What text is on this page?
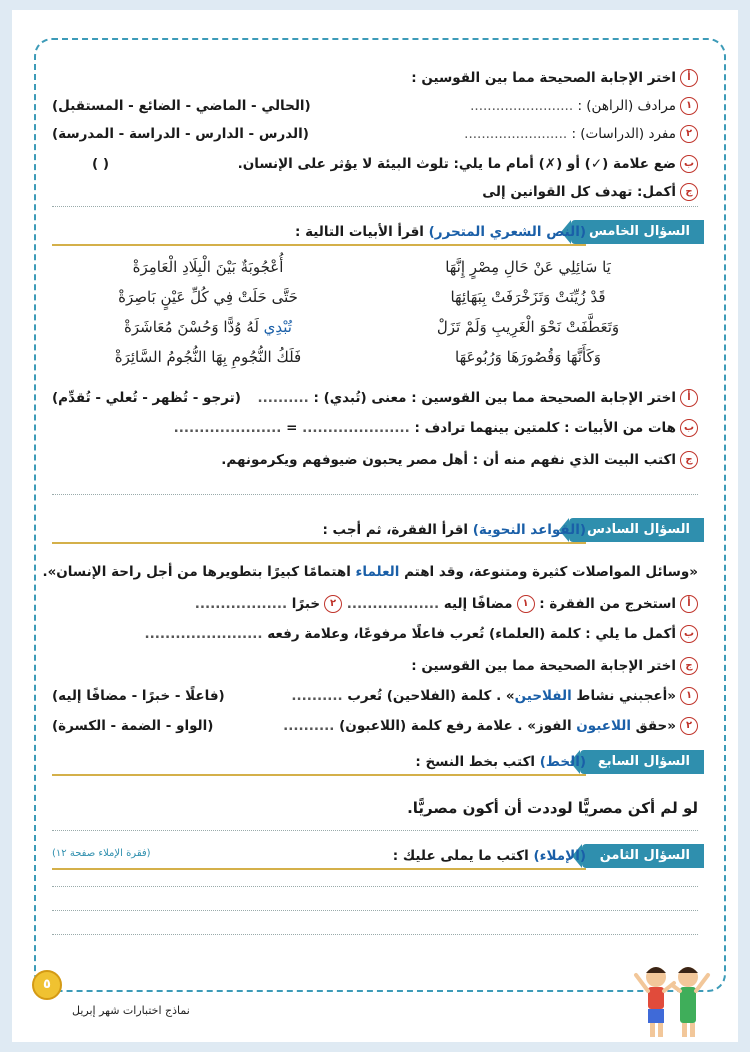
أاختر الإجابة الصحيحة مما بين القوسين :
١مرادف (الراهن) : ........................
(الحالي - الماضي - الضائع - المستقبل)
٢مفرد (الدراسات) : ........................
(الدرس - الدارس - الدراسة - المدرسة)
بضع علامة (✓) أو (✗) أمام ما يلي: تلوث البيئة لا يؤثر على الإنسان.
( )
جأكمل: تهدف كل القوانين إلى
السؤال الخامس
(النص الشعري المتحرر) اقرأ الأبيات التالية :
يَا سَائِلِي عَنْ حَالِ مِصْرٍ إِنَّهَا
أُعْجُوبَةٌ بَيْنَ الْبِلَادِ الْعَامِرَةْ
قَدْ زُيِّنَتْ وَتَزَخْرَفَتْ بِبَهَائِهَا
حَتَّى حَلَتْ فِي كُلِّ عَيْنٍ بَاصِرَةْ
وَتَعَطَّفَتْ نَحْوَ الْغَرِيبِ وَلَمْ تَزَلْ
تُبْدِي لَهُ وُدًّا وَحُسْنَ مُعَاشَرَةْ
وَكَأَنَّهَا وَقُصُورَهَا وَرُبُوعَهَا
فَلَكُ النُّجُومِ بِهَا النُّجُومُ السَّائِرَةْ
أاختر الإجابة الصحيحة مما بين القوسين : معنى (تُبدي) : ..........
(ترجو - تُظهر - تُعلي - تُقدِّم)
بهات من الأبيات : كلمتين بينهما ترادف : ..................... = .....................
جاكتب البيت الذي نفهم منه أن : أهل مصر يحبون ضيوفهم ويكرمونهم.
السؤال السادس
(القواعد النحوية) اقرأ الفقرة، ثم أجب :
«وسائل المواصلات كثيرة ومتنوعة، وقد اهتم العلماء اهتمامًا كبيرًا بتطويرها من أجل راحة الإنسان».
أاستخرج من الفقرة : ١مضافًا إليه .................. ٢خبرًا ..................
بأكمل ما يلي : كلمة (العلماء) تُعرب فاعلًا مرفوعًا، وعلامة رفعه .......................
جاختر الإجابة الصحيحة مما بين القوسين :
١«أعجبني نشاط الفلاحين» . كلمة (الفلاحين) تُعرب ..........
(فاعلًا - خبرًا - مضافًا إليه)
٢«حقق اللاعبون الفوز» . علامة رفع كلمة (اللاعبون) ..........
(الواو - الضمة - الكسرة)
السؤال السابع
(الخط) اكتب بخط النسخ :
لو لم أكن مصريًّا لوددت أن أكون مصريًّا.
السؤال الثامن
(الإملاء) اكتب ما يملى عليك :
(فقرة الإملاء صفحة ١٢)
٥
نماذج اختبارات شهر إبريل
